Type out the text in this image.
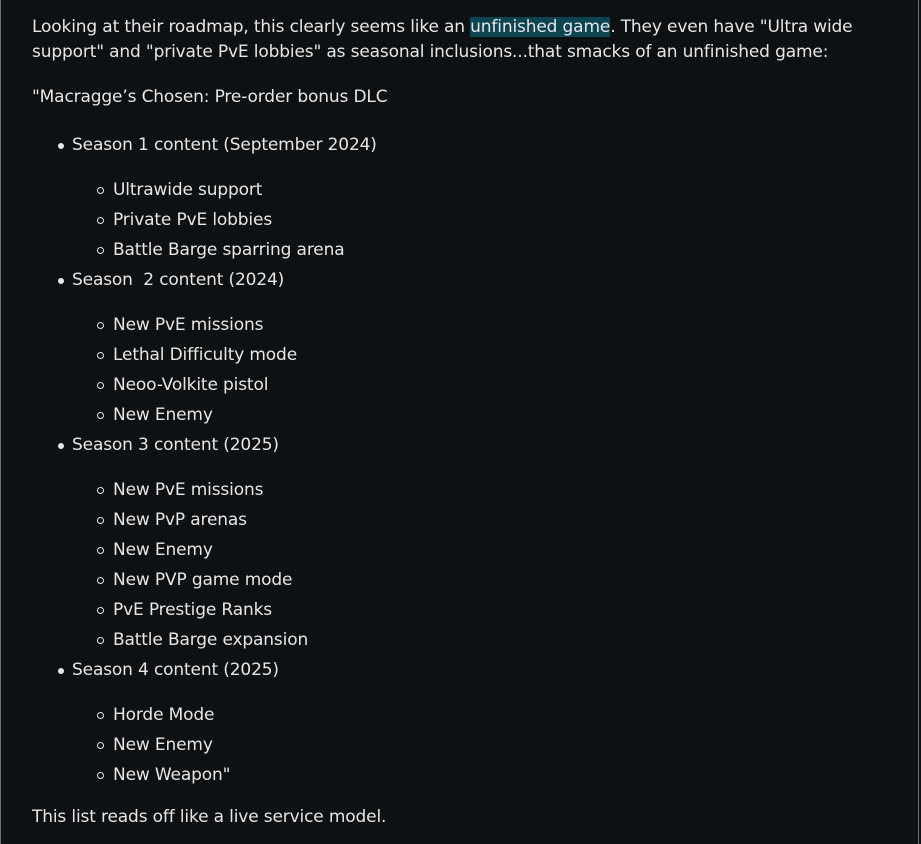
Looking at their roadmap, this clearly seems like an unfinished game. They even have "Ultra wide support" and "private PvE lobbies" as seasonal inclusions...that smacks of an unfinished game:

"Macragge’s Chosen: Pre-order bonus DLC

Season 1 content (September 2024)
Ultrawide support
Private PvE lobbies
Battle Barge sparring arena
Season  2 content (2024)
New PvE missions
Lethal Difficulty mode
Neoo-Volkite pistol
New Enemy
Season 3 content (2025)
New PvE missions
New PvP arenas
New Enemy
New PVP game mode
PvE Prestige Ranks
Battle Barge expansion
Season 4 content (2025)
Horde Mode
New Enemy
New Weapon"

This list reads off like a live service model.
